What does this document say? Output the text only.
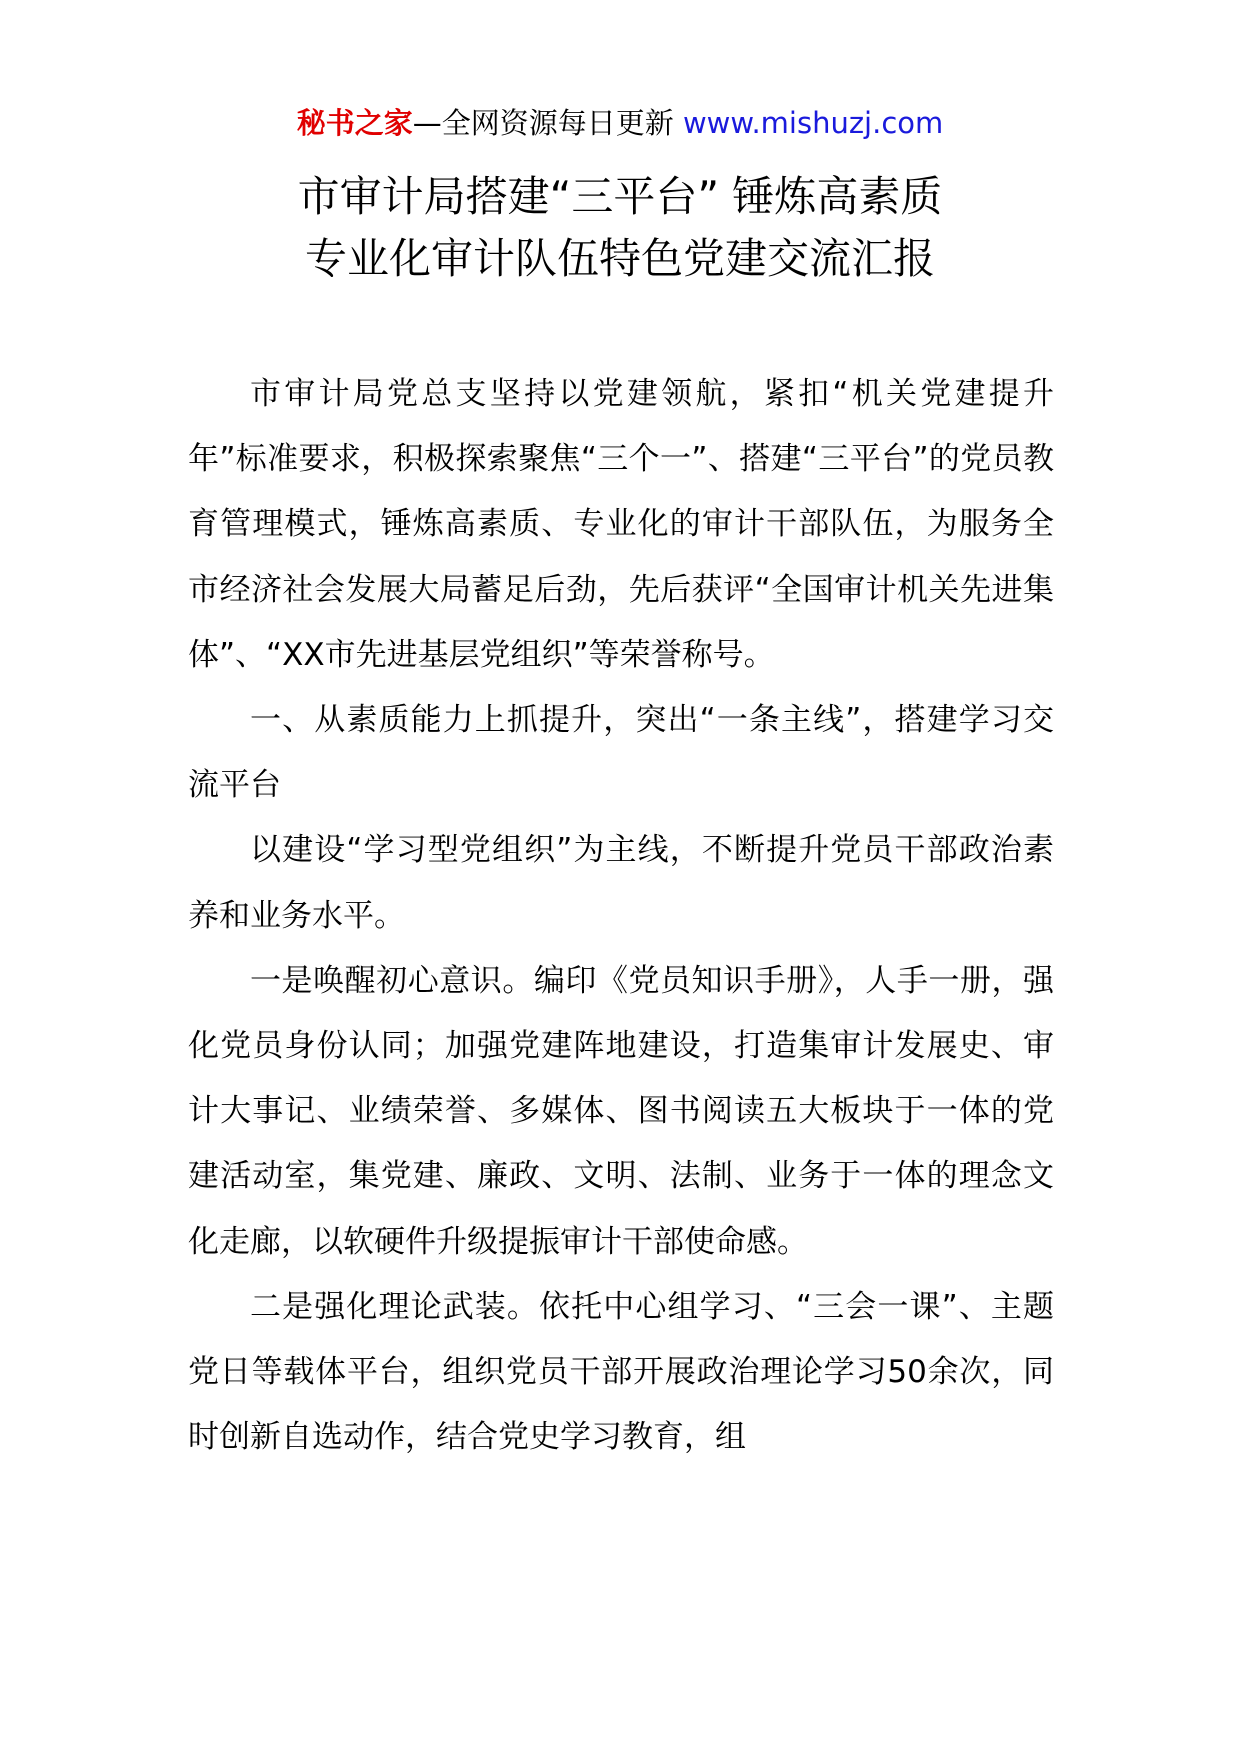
秘书之家—全网资源每日更新 www.mishuzj.com
市审计局搭建“三平台” 锤炼高素质
专业化审计队伍特色党建交流汇报

市审计局党总支坚持以党建领航，紧扣“机关党建提升年”标准要求，积极探索聚焦“三个一”、搭建“三平台”的党员教育管理模式，锤炼高素质、专业化的审计干部队伍，为服务全市经济社会发展大局蓄足后劲，先后获评“全国审计机关先进集体”、“XX市先进基层党组织”等荣誉称号。

一、从素质能力上抓提升，突出“一条主线”，搭建学习交流平台

以建设“学习型党组织”为主线，不断提升党员干部政治素养和业务水平。

一是唤醒初心意识。编印《党员知识手册》，人手一册，强化党员身份认同；加强党建阵地建设，打造集审计发展史、审计大事记、业绩荣誉、多媒体、图书阅读五大板块于一体的党建活动室，集党建、廉政、文明、法制、业务于一体的理念文化走廊，以软硬件升级提振审计干部使命感。

二是强化理论武装。依托中心组学习、“三会一课”、主题党日等载体平台，组织党员干部开展政治理论学习50余次，同时创新自选动作，结合党史学习教育，组
